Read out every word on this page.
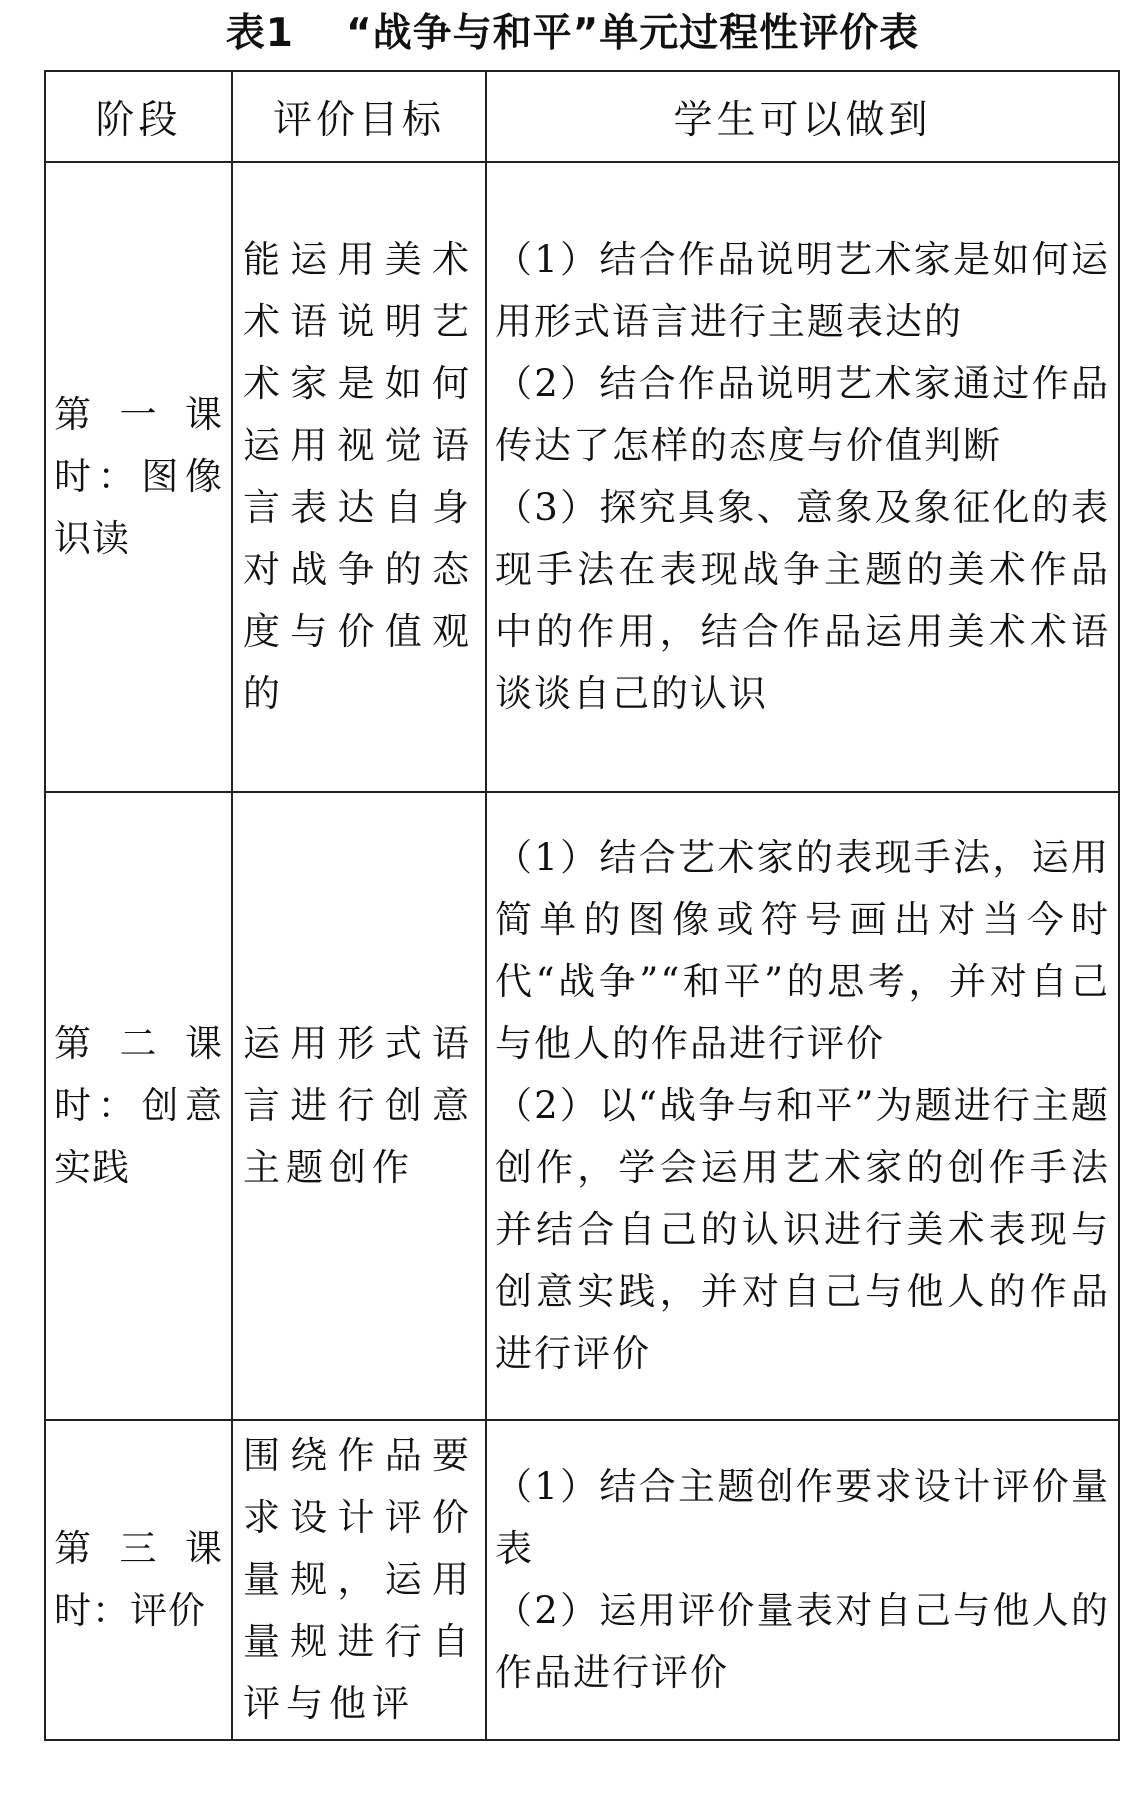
表1 “战争与和平”单元过程性评价表
阶段	评价目标	学生可以做到

第一课时：图像识读	能运用美术术语说明艺术家是如何运用视觉语言表达自身对战争的态度与价值观的	（1）结合作品说明艺术家是如何运用形式语言进行主题表达的
（2）结合作品说明艺术家通过作品传达了怎样的态度与价值判断
（3）探究具象、意象及象征化的表现手法在表现战争主题的美术作品中的作用，结合作品运用美术术语谈谈自己的认识

第二课时：创意实践	运用形式语言进行创意主题创作	（1）结合艺术家的表现手法，运用简单的图像或符号画出对当今时代“战争”“和平”的思考，并对自己与他人的作品进行评价
（2）以“战争与和平”为题进行主题创作，学会运用艺术家的创作手法并结合自己的认识进行美术表现与创意实践，并对自己与他人的作品进行评价

第三课时：评价	围绕作品要求设计评价量规，运用量规进行自评与他评	（1）结合主题创作要求设计评价量表
（2）运用评价量表对自己与他人的作品进行评价
